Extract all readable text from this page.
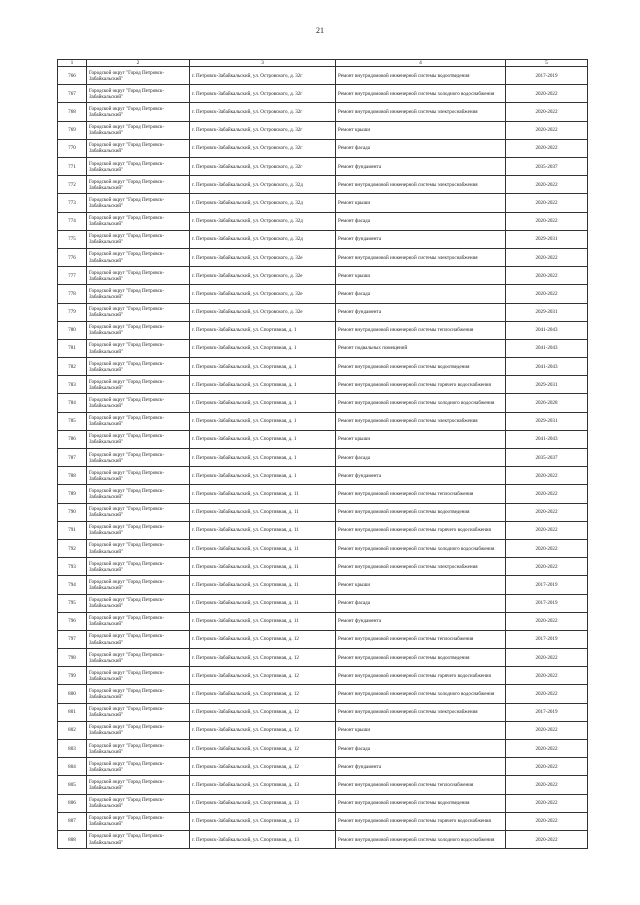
21
1	2	3	4	5
766	Городской округ "Город Петровск-Забайкальский"	г. Петровск-Забайкальский, ул. Островского, д. 32г	Ремонт внутридомовой инженерной системы водоотведения	2017-2019
767	Городской округ "Город Петровск-Забайкальский"	г. Петровск-Забайкальский, ул. Островского, д. 32г	Ремонт внутридомовой инженерной системы холодного водоснабжения	2020-2022
768	Городской округ "Город Петровск-Забайкальский"	г. Петровск-Забайкальский, ул. Островского, д. 32г	Ремонт внутридомовой инженерной системы электроснабжения	2020-2022
769	Городской округ "Город Петровск-Забайкальский"	г. Петровск-Забайкальский, ул. Островского, д. 32г	Ремонт крыши	2020-2022
770	Городской округ "Город Петровск-Забайкальский"	г. Петровск-Забайкальский, ул. Островского, д. 32г	Ремонт фасада	2020-2022
771	Городской округ "Город Петровск-Забайкальский"	г. Петровск-Забайкальский, ул. Островского, д. 32г	Ремонт фундамента	2035-2037
772	Городской округ "Город Петровск-Забайкальский"	г. Петровск-Забайкальский, ул. Островского, д. 32д	Ремонт внутридомовой инженерной системы электроснабжения	2020-2022
773	Городской округ "Город Петровск-Забайкальский"	г. Петровск-Забайкальский, ул. Островского, д. 32д	Ремонт крыши	2020-2022
774	Городской округ "Город Петровск-Забайкальский"	г. Петровск-Забайкальский, ул. Островского, д. 32д	Ремонт фасада	2020-2022
775	Городской округ "Город Петровск-Забайкальский"	г. Петровск-Забайкальский, ул. Островского, д. 32д	Ремонт фундамента	2029-2031
776	Городской округ "Город Петровск-Забайкальский"	г. Петровск-Забайкальский, ул. Островского, д. 32е	Ремонт внутридомовой инженерной системы электроснабжения	2020-2022
777	Городской округ "Город Петровск-Забайкальский"	г. Петровск-Забайкальский, ул. Островского, д. 32е	Ремонт крыши	2020-2022
778	Городской округ "Город Петровск-Забайкальский"	г. Петровск-Забайкальский, ул. Островского, д. 32е	Ремонт фасада	2020-2022
779	Городской округ "Город Петровск-Забайкальский"	г. Петровск-Забайкальский, ул. Островского, д. 32е	Ремонт фундамента	2029-2031
780	Городской округ "Город Петровск-Забайкальский"	г. Петровск-Забайкальский, ул. Спортивная, д. 1	Ремонт внутридомовой инженерной системы теплоснабжения	2041-2043
781	Городской округ "Город Петровск-Забайкальский"	г. Петровск-Забайкальский, ул. Спортивная, д. 1	Ремонт подвальных помещений	2041-2043
782	Городской округ "Город Петровск-Забайкальский"	г. Петровск-Забайкальский, ул. Спортивная, д. 1	Ремонт внутридомовой инженерной системы водоотведения	2041-2043
783	Городской округ "Город Петровск-Забайкальский"	г. Петровск-Забайкальский, ул. Спортивная, д. 1	Ремонт внутридомовой инженерной системы горячего водоснабжения	2029-2031
784	Городской округ "Город Петровск-Забайкальский"	г. Петровск-Забайкальский, ул. Спортивная, д. 1	Ремонт внутридомовой инженерной системы холодного водоснабжения	2026-2028
785	Городской округ "Город Петровск-Забайкальский"	г. Петровск-Забайкальский, ул. Спортивная, д. 1	Ремонт внутридомовой инженерной системы электроснабжения	2029-2031
786	Городской округ "Город Петровск-Забайкальский"	г. Петровск-Забайкальский, ул. Спортивная, д. 1	Ремонт крыши	2041-2043
787	Городской округ "Город Петровск-Забайкальский"	г. Петровск-Забайкальский, ул. Спортивная, д. 1	Ремонт фасада	2035-2037
788	Городской округ "Город Петровск-Забайкальский"	г. Петровск-Забайкальский, ул. Спортивная, д. 1	Ремонт фундамента	2020-2022
789	Городской округ "Город Петровск-Забайкальский"	г. Петровск-Забайкальский, ул. Спортивная, д. 11	Ремонт внутридомовой инженерной системы теплоснабжения	2020-2022
790	Городской округ "Город Петровск-Забайкальский"	г. Петровск-Забайкальский, ул. Спортивная, д. 11	Ремонт внутридомовой инженерной системы водоотведения	2020-2022
791	Городской округ "Город Петровск-Забайкальский"	г. Петровск-Забайкальский, ул. Спортивная, д. 11	Ремонт внутридомовой инженерной системы горячего водоснабжения	2020-2022
792	Городской округ "Город Петровск-Забайкальский"	г. Петровск-Забайкальский, ул. Спортивная, д. 11	Ремонт внутридомовой инженерной системы холодного водоснабжения	2020-2022
793	Городской округ "Город Петровск-Забайкальский"	г. Петровск-Забайкальский, ул. Спортивная, д. 11	Ремонт внутридомовой инженерной системы электроснабжения	2020-2022
794	Городской округ "Город Петровск-Забайкальский"	г. Петровск-Забайкальский, ул. Спортивная, д. 11	Ремонт крыши	2017-2019
795	Городской округ "Город Петровск-Забайкальский"	г. Петровск-Забайкальский, ул. Спортивная, д. 11	Ремонт фасада	2017-2019
796	Городской округ "Город Петровск-Забайкальский"	г. Петровск-Забайкальский, ул. Спортивная, д. 11	Ремонт фундамента	2020-2022
797	Городской округ "Город Петровск-Забайкальский"	г. Петровск-Забайкальский, ул. Спортивная, д. 12	Ремонт внутридомовой инженерной системы теплоснабжения	2017-2019
798	Городской округ "Город Петровск-Забайкальский"	г. Петровск-Забайкальский, ул. Спортивная, д. 12	Ремонт внутридомовой инженерной системы водоотведения	2020-2022
799	Городской округ "Город Петровск-Забайкальский"	г. Петровск-Забайкальский, ул. Спортивная, д. 12	Ремонт внутридомовой инженерной системы горячего водоснабжения	2020-2022
800	Городской округ "Город Петровск-Забайкальский"	г. Петровск-Забайкальский, ул. Спортивная, д. 12	Ремонт внутридомовой инженерной системы холодного водоснабжения	2020-2022
801	Городской округ "Город Петровск-Забайкальский"	г. Петровск-Забайкальский, ул. Спортивная, д. 12	Ремонт внутридомовой инженерной системы электроснабжения	2017-2019
802	Городской округ "Город Петровск-Забайкальский"	г. Петровск-Забайкальский, ул. Спортивная, д. 12	Ремонт крыши	2020-2022
803	Городской округ "Город Петровск-Забайкальский"	г. Петровск-Забайкальский, ул. Спортивная, д. 12	Ремонт фасада	2020-2022
804	Городской округ "Город Петровск-Забайкальский"	г. Петровск-Забайкальский, ул. Спортивная, д. 12	Ремонт фундамента	2020-2022
805	Городской округ "Город Петровск-Забайкальский"	г. Петровск-Забайкальский, ул. Спортивная, д. 13	Ремонт внутридомовой инженерной системы теплоснабжения	2020-2022
806	Городской округ "Город Петровск-Забайкальский"	г. Петровск-Забайкальский, ул. Спортивная, д. 13	Ремонт внутридомовой инженерной системы водоотведения	2020-2022
807	Городской округ "Город Петровск-Забайкальский"	г. Петровск-Забайкальский, ул. Спортивная, д. 13	Ремонт внутридомовой инженерной системы горячего водоснабжения	2020-2022
808	Городской округ "Город Петровск-Забайкальский"	г. Петровск-Забайкальский, ул. Спортивная, д. 13	Ремонт внутридомовой инженерной системы холодного водоснабжения	2020-2022
